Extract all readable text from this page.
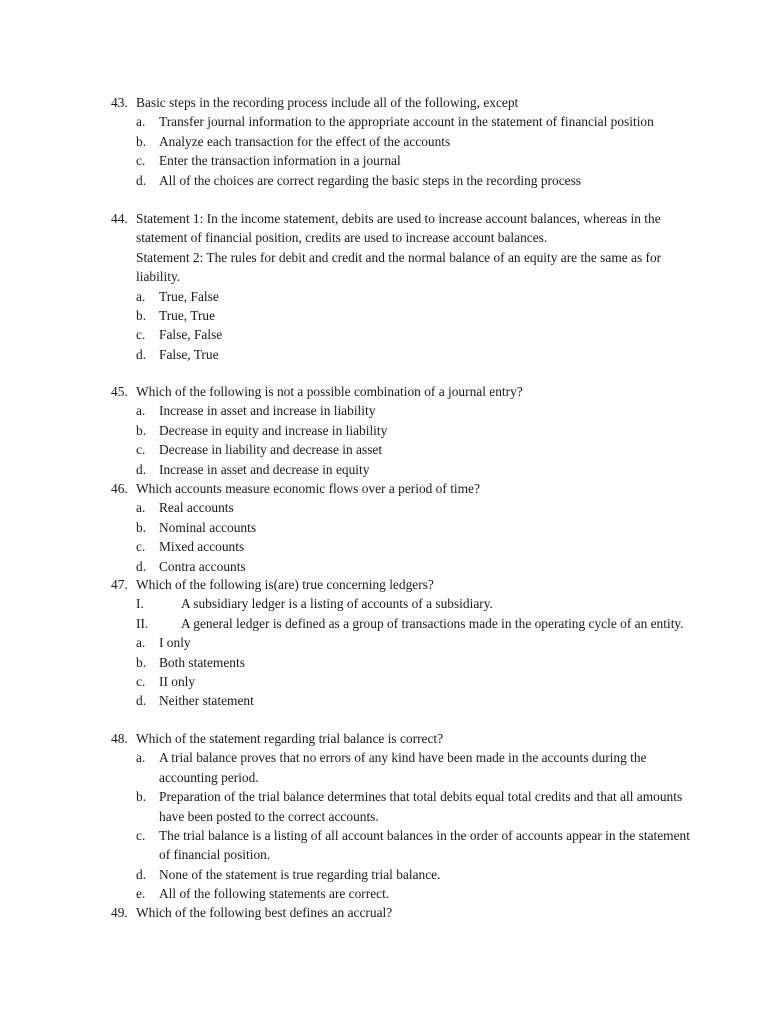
43. Basic steps in the recording process include all of the following, except
a.	Transfer journal information to the appropriate account in the statement of financial position
b. Analyze each transaction for the effect of the accounts
c.	Enter the transaction information in a journal
d. All of the choices are correct regarding the basic steps in the recording process
44. Statement 1: In the income statement, debits are used to increase account balances, whereas in the statement of financial position, credits are used to increase account balances.
Statement 2: The rules for debit and credit and the normal balance of an equity are the same as for liability.
a.	True, False
b. True, True
c.	False, False
d. False, True
45. Which of the following is not a possible combination of a journal entry?
a.	Increase in asset and increase in liability
b. Decrease in equity and increase in liability
c.	Decrease in liability and decrease in asset
d. Increase in asset and decrease in equity
46. Which accounts measure economic flows over a period of time?
a.	Real accounts
b. Nominal accounts
c.	Mixed accounts
d. Contra accounts
47. Which of the following is(are) true concerning ledgers?
I.	A subsidiary ledger is a listing of accounts of a subsidiary.
II.	A general ledger is defined as a group of transactions made in the operating cycle of an entity.
a.	I only
b. Both statements
c.	II only
d. Neither statement
48. Which of the statement regarding trial balance is correct?
a.	A trial balance proves that no errors of any kind have been made in the accounts during the accounting period.
b. Preparation of the trial balance determines that total debits equal total credits and that all amounts have been posted to the correct accounts.
c.	The trial balance is a listing of all account balances in the order of accounts appear in the statement of financial position.
d. None of the statement is true regarding trial balance.
e.	All of the following statements are correct.
49. Which of the following best defines an accrual?
